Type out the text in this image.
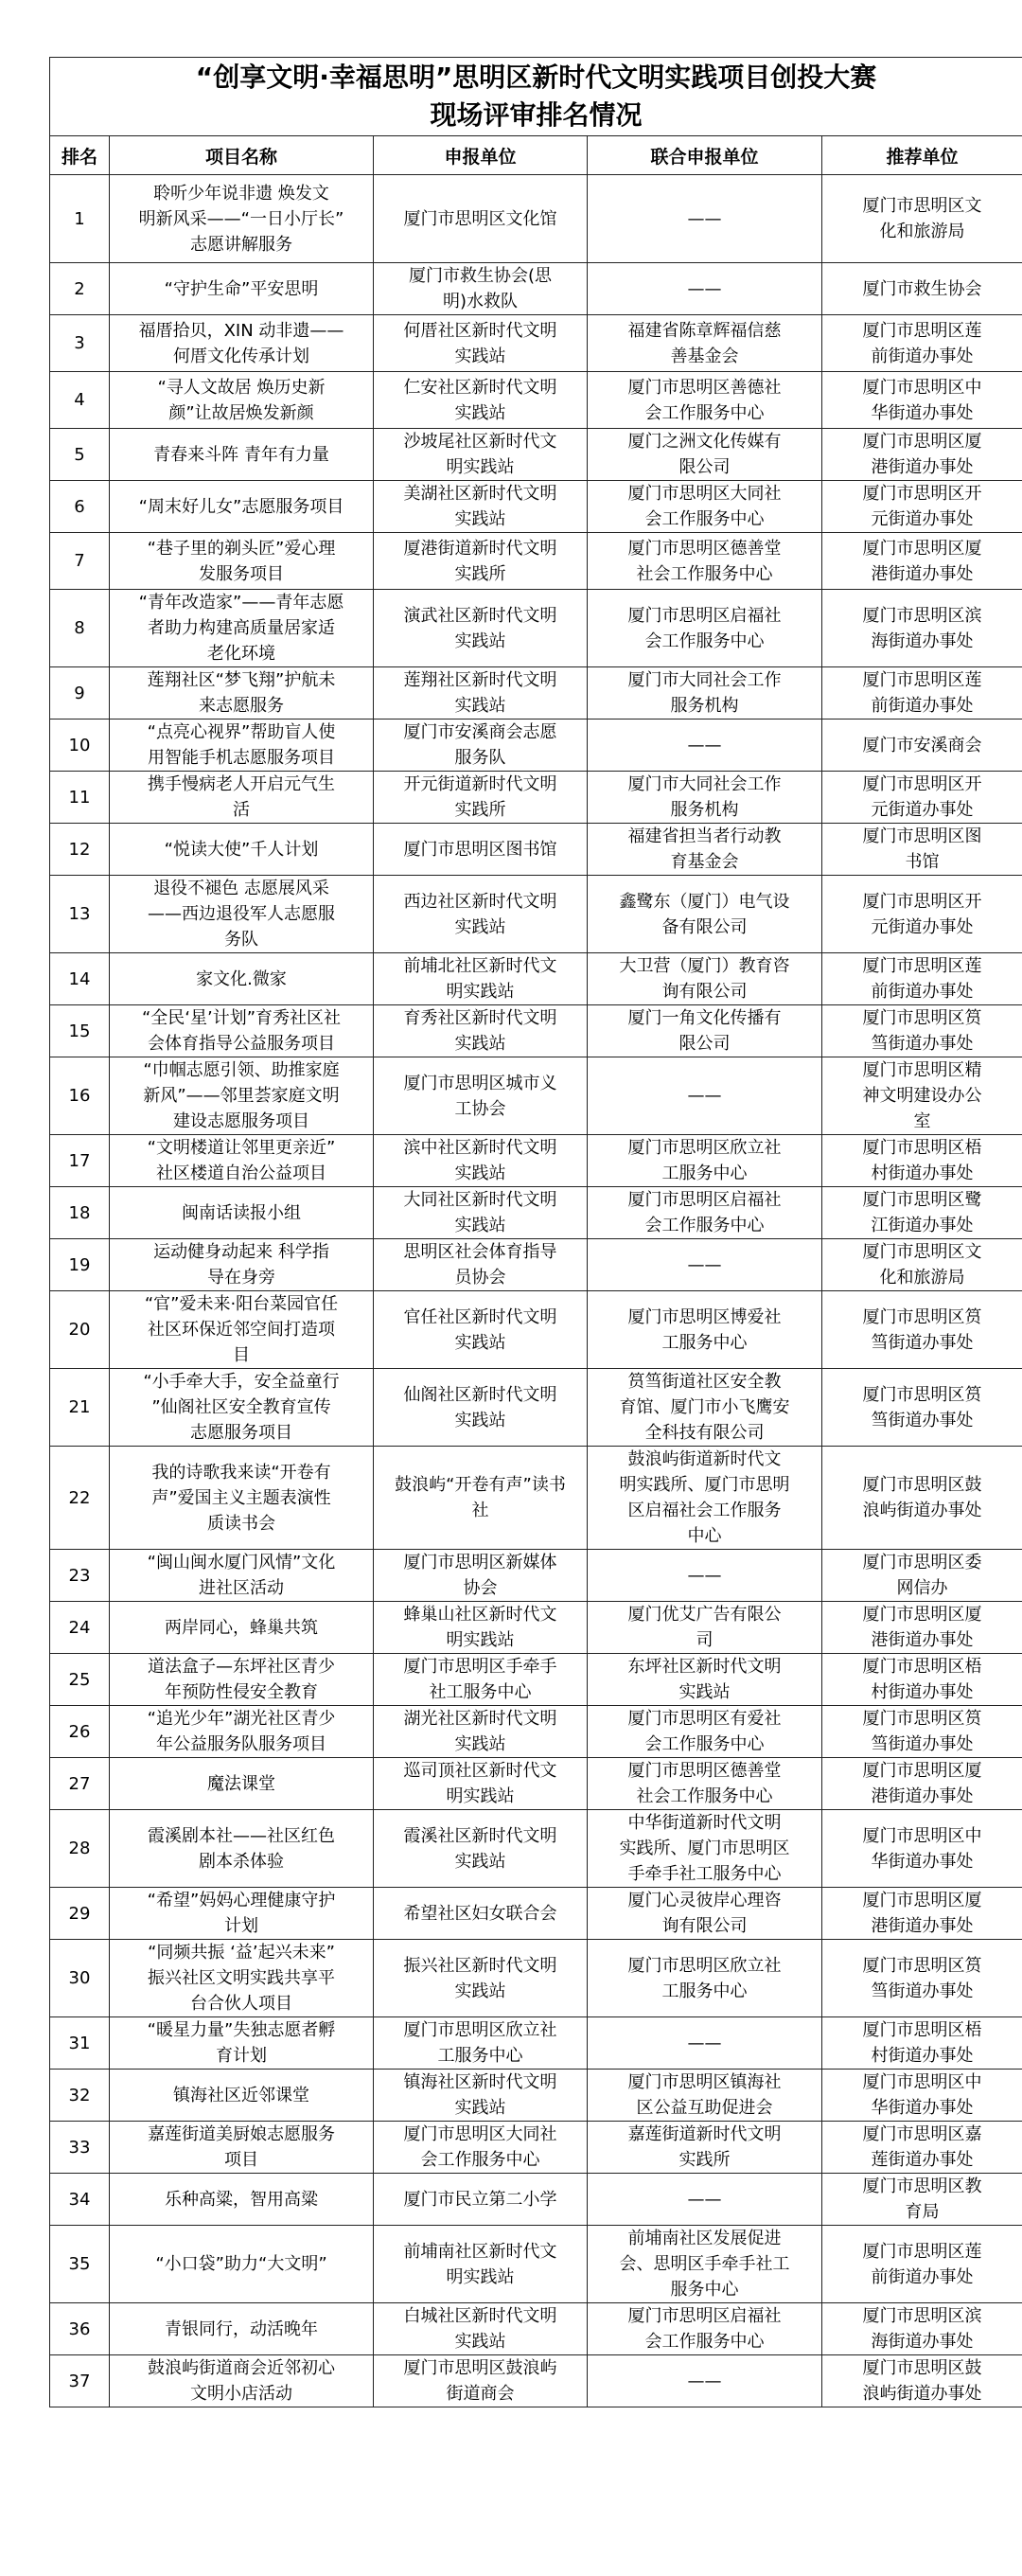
“创享文明·幸福思明”思明区新时代文明实践项目创投大赛
现场评审排名情况				

排名	项目名称	申报单位	联合申报单位	推荐单位
1	聆听少年说非遗 焕发文
明新风采——“一日小厅长”
志愿讲解服务	厦门市思明区文化馆	——	厦门市思明区文
化和旅游局
2	“守护生命”平安思明	厦门市救生协会(思
明)水救队	——	厦门市救生协会
3	福厝拾贝，XIN 动非遗——
何厝文化传承计划	何厝社区新时代文明
实践站	福建省陈章辉福信慈
善基金会	厦门市思明区莲
前街道办事处
4	“寻人文故居 焕历史新
颜”让故居焕发新颜	仁安社区新时代文明
实践站	厦门市思明区善德社
会工作服务中心	厦门市思明区中
华街道办事处
5	青春来斗阵 青年有力量	沙坡尾社区新时代文
明实践站	厦门之洲文化传媒有
限公司	厦门市思明区厦
港街道办事处
6	“周末好儿女”志愿服务项目	美湖社区新时代文明
实践站	厦门市思明区大同社
会工作服务中心	厦门市思明区开
元街道办事处
7	“巷子里的剃头匠”爱心理
发服务项目	厦港街道新时代文明
实践所	厦门市思明区德善堂
社会工作服务中心	厦门市思明区厦
港街道办事处
8	“青年改造家”——青年志愿
者助力构建高质量居家适
老化环境	演武社区新时代文明
实践站	厦门市思明区启福社
会工作服务中心	厦门市思明区滨
海街道办事处
9	莲翔社区“梦飞翔”护航未
来志愿服务	莲翔社区新时代文明
实践站	厦门市大同社会工作
服务机构	厦门市思明区莲
前街道办事处
10	“点亮心视界”帮助盲人使
用智能手机志愿服务项目	厦门市安溪商会志愿
服务队	——	厦门市安溪商会
11	携手慢病老人开启元气生
活	开元街道新时代文明
实践所	厦门市大同社会工作
服务机构	厦门市思明区开
元街道办事处
12	“悦读大使”千人计划	厦门市思明区图书馆	福建省担当者行动教
育基金会	厦门市思明区图
书馆
13	退役不褪色 志愿展风采
——西边退役军人志愿服
务队	西边社区新时代文明
实践站	鑫鹭东（厦门）电气设
备有限公司	厦门市思明区开
元街道办事处
14	家文化.微家	前埔北社区新时代文
明实践站	大卫营（厦门）教育咨
询有限公司	厦门市思明区莲
前街道办事处
15	“全民‘星’计划”育秀社区社
会体育指导公益服务项目	育秀社区新时代文明
实践站	厦门一角文化传播有
限公司	厦门市思明区筼
筜街道办事处
16	“巾帼志愿引领、助推家庭
新风”——邻里荟家庭文明
建设志愿服务项目	厦门市思明区城市义
工协会	——	厦门市思明区精
神文明建设办公
室
17	“文明楼道让邻里更亲近”
社区楼道自治公益项目	滨中社区新时代文明
实践站	厦门市思明区欣立社
工服务中心	厦门市思明区梧
村街道办事处
18	闽南话读报小组	大同社区新时代文明
实践站	厦门市思明区启福社
会工作服务中心	厦门市思明区鹭
江街道办事处
19	运动健身动起来 科学指
导在身旁	思明区社会体育指导
员协会	——	厦门市思明区文
化和旅游局
20	“官”爱未来·阳台菜园官任
社区环保近邻空间打造项
目	官任社区新时代文明
实践站	厦门市思明区博爱社
工服务中心	厦门市思明区筼
筜街道办事处
21	“小手牵大手，安全益童行
”仙阁社区安全教育宣传
志愿服务项目	仙阁社区新时代文明
实践站	筼筜街道社区安全教
育馆、厦门市小飞鹰安
全科技有限公司	厦门市思明区筼
筜街道办事处
22	我的诗歌我来读“开卷有
声”爱国主义主题表演性
质读书会	鼓浪屿“开卷有声”读书
社	鼓浪屿街道新时代文
明实践所、厦门市思明
区启福社会工作服务
中心	厦门市思明区鼓
浪屿街道办事处
23	“闽山闽水厦门风情”文化
进社区活动	厦门市思明区新媒体
协会	——	厦门市思明区委
网信办
24	两岸同心，蜂巢共筑	蜂巢山社区新时代文
明实践站	厦门优艾广告有限公
司	厦门市思明区厦
港街道办事处
25	道法盒子—东坪社区青少
年预防性侵安全教育	厦门市思明区手牵手
社工服务中心	东坪社区新时代文明
实践站	厦门市思明区梧
村街道办事处
26	“追光少年”湖光社区青少
年公益服务队服务项目	湖光社区新时代文明
实践站	厦门市思明区有爱社
会工作服务中心	厦门市思明区筼
筜街道办事处
27	魔法课堂	巡司顶社区新时代文
明实践站	厦门市思明区德善堂
社会工作服务中心	厦门市思明区厦
港街道办事处
28	霞溪剧本社——社区红色
剧本杀体验	霞溪社区新时代文明
实践站	中华街道新时代文明
实践所、厦门市思明区
手牵手社工服务中心	厦门市思明区中
华街道办事处
29	“希望”妈妈心理健康守护
计划	希望社区妇女联合会	厦门心灵彼岸心理咨
询有限公司	厦门市思明区厦
港街道办事处
30	“同频共振 ‘益’起兴未来”
振兴社区文明实践共享平
台合伙人项目	振兴社区新时代文明
实践站	厦门市思明区欣立社
工服务中心	厦门市思明区筼
筜街道办事处
31	“暖星力量”失独志愿者孵
育计划	厦门市思明区欣立社
工服务中心	——	厦门市思明区梧
村街道办事处
32	镇海社区近邻课堂	镇海社区新时代文明
实践站	厦门市思明区镇海社
区公益互助促进会	厦门市思明区中
华街道办事处
33	嘉莲街道美厨娘志愿服务
项目	厦门市思明区大同社
会工作服务中心	嘉莲街道新时代文明
实践所	厦门市思明区嘉
莲街道办事处
34	乐种高粱，智用高粱	厦门市民立第二小学	——	厦门市思明区教
育局
35	“小口袋”助力“大文明”	前埔南社区新时代文
明实践站	前埔南社区发展促进
会、思明区手牵手社工
服务中心	厦门市思明区莲
前街道办事处
36	青银同行，动活晚年	白城社区新时代文明
实践站	厦门市思明区启福社
会工作服务中心	厦门市思明区滨
海街道办事处
37	鼓浪屿街道商会近邻初心
文明小店活动	厦门市思明区鼓浪屿
街道商会	——	厦门市思明区鼓
浪屿街道办事处
